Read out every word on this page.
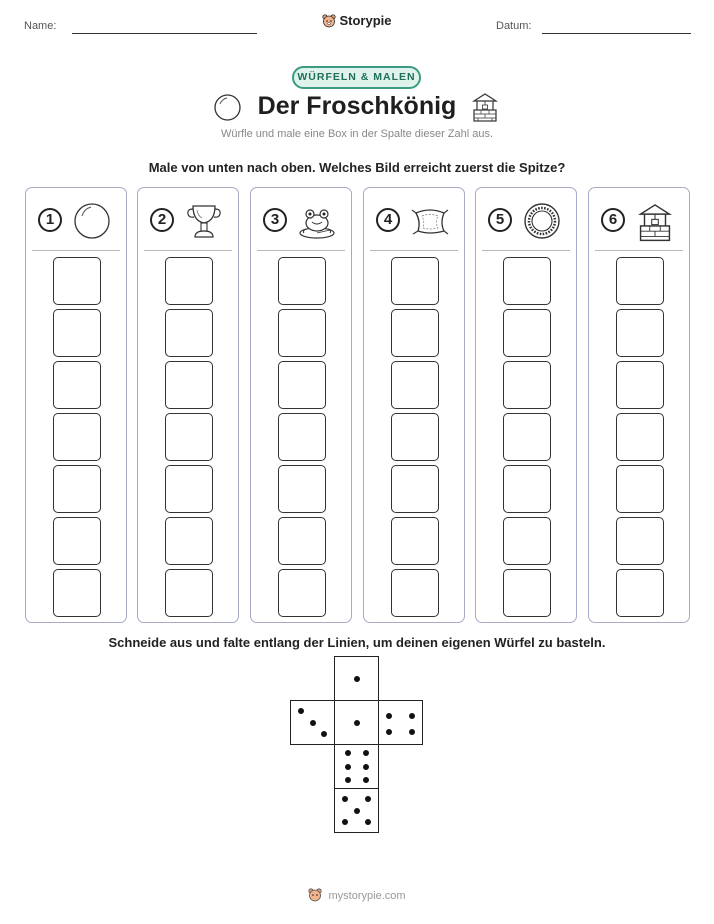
Name:	Storypie	Datum:
WÜRFELN & MALEN
Der Froschkönig
Würfle und male eine Box in der Spalte dieser Zahl aus.
Male von unten nach oben. Welches Bild erreicht zuerst die Spitze?
1	2	3	4	5	6
Schneide aus und falte entlang der Linien, um deinen eigenen Würfel zu basteln.
mystorypie.com
